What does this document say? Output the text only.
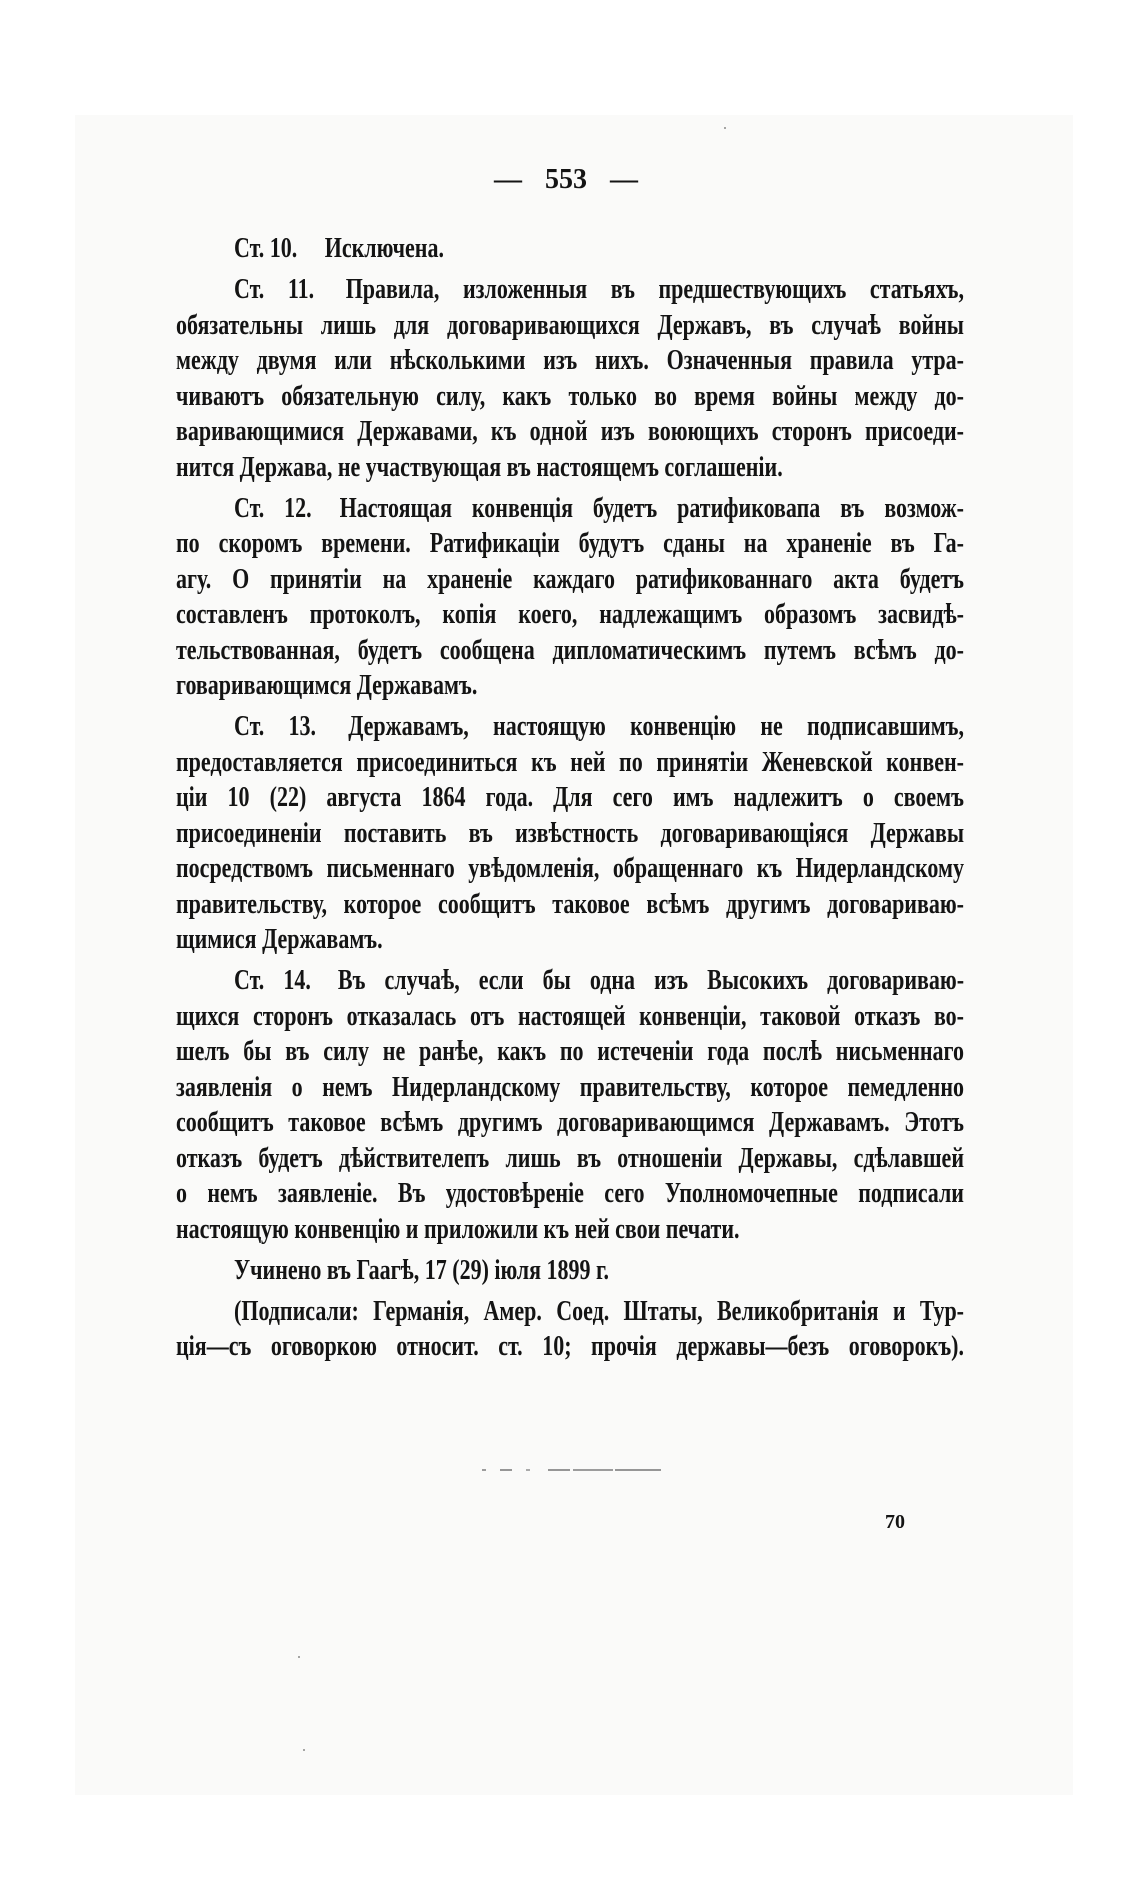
— 553 —
Ст. 10. Исключена.
Ст. 11. Правила, изложенныя въ предшествующихъ статьяхъ,
обязательны лишь для договаривающихся Державъ, въ случаѣ войны
между двумя или нѣсколькими изъ нихъ. Означенныя правила утра-
чиваютъ обязательную силу, какъ только во время войны между до-
варивающимися Державами, къ одной изъ воюющихъ сторонъ присоеди-
нится Держава, не участвующая въ настоящемъ соглашеніи.
Ст. 12. Настоящая конвенція будетъ ратификовапа въ возмож-
по скоромъ времени. Ратификаціи будутъ сданы на храненіе въ Га-
агу. О принятіи на храненіе каждаго ратификованнаго акта будетъ
составленъ протоколъ, копія коего, надлежащимъ образомъ засвидѣ-
тельствованная, будетъ сообщена дипломатическимъ путемъ всѣмъ до-
говаривающимся Державамъ.
Ст. 13. Державамъ, настоящую конвенцію не подписавшимъ,
предоставляется присоединиться къ ней по принятіи Женевской конвен-
ціи 10 (22) августа 1864 года. Для сего имъ надлежитъ о своемъ
присоединеніи поставить въ извѣстность договаривающіяся Державы
посредствомъ письменнаго увѣдомленія, обращеннаго къ Нидерландскому
правительству, которое сообщитъ таковое всѣмъ другимъ договариваю-
щимися Державамъ.
Ст. 14. Въ случаѣ, если бы одна изъ Высокихъ договариваю-
щихся сторонъ отказалась отъ настоящей конвенціи, таковой отказъ во-
шелъ бы въ силу не ранѣе, какъ по истеченіи года послѣ нисьменнаго
заявленія о немъ Нидерландскому правительству, которое пемедленно
сообщитъ таковое всѣмъ другимъ договаривающимся Державамъ. Этотъ
отказъ будетъ дѣйствителепъ лишь въ отношеніи Державы, сдѣлавшей
о немъ заявленіе. Въ удостовѣреніе сего Уполномочепные подписали
настоящую конвенцію и приложили къ ней свои печати.
Учинено въ Гаагѣ, 17 (29) іюля 1899 г.
(Подписали: Германія, Амер. Соед. Штаты, Великобританія и Тур-
ція—съ оговоркою относит. ст. 10; прочія державы—безъ оговорокъ).
70
